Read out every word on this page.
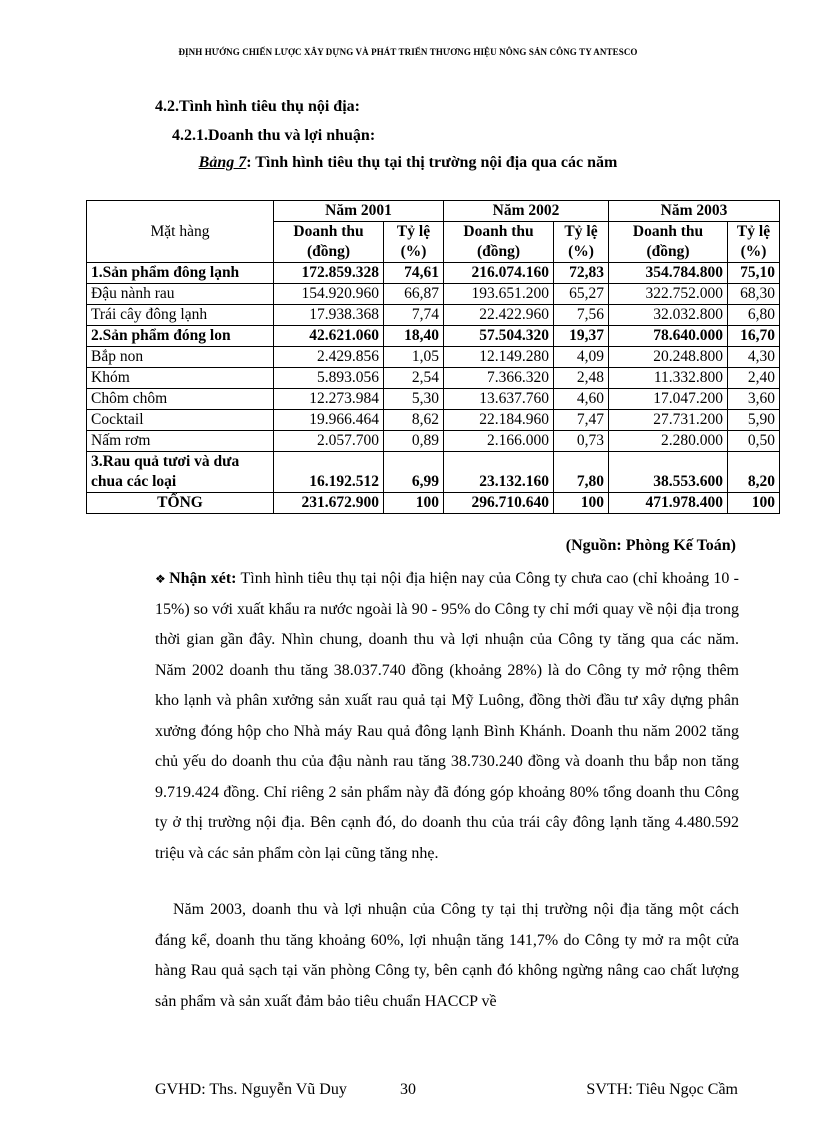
ĐỊNH HƯỚNG CHIẾN LƯỢC XÂY DỰNG VÀ PHÁT TRIỂN THƯƠNG HIỆU NÔNG SẢN CÔNG TY ANTESCO
4.2.Tình hình tiêu thụ nội địa:
4.2.1.Doanh thu và lợi nhuận:
Bảng 7: Tình hình tiêu thụ tại thị trường nội địa qua các năm
Mặt hàng	Năm 2001		Năm 2002		Năm 2003	
	Doanh thu (đồng)	Tỷ lệ (%)	Doanh thu (đồng)	Tỷ lệ (%)	Doanh thu (đồng)	Tỷ lệ (%)
1.Sản phẩm đông lạnh	172.859.328	74,61	216.074.160	72,83	354.784.800	75,10
Đậu nành rau	154.920.960	66,87	193.651.200	65,27	322.752.000	68,30
Trái cây đông lạnh	17.938.368	7,74	22.422.960	7,56	32.032.800	6,80
2.Sản phẩm đóng lon	42.621.060	18,40	57.504.320	19,37	78.640.000	16,70
Bắp non	2.429.856	1,05	12.149.280	4,09	20.248.800	4,30
Khóm	5.893.056	2,54	7.366.320	2,48	11.332.800	2,40
Chôm chôm	12.273.984	5,30	13.637.760	4,60	17.047.200	3,60
Cocktail	19.966.464	8,62	22.184.960	7,47	27.731.200	5,90
Nấm rơm	2.057.700	0,89	2.166.000	0,73	2.280.000	0,50
3.Rau quả tươi và dưa chua các loại	16.192.512	6,99	23.132.160	7,80	38.553.600	8,20
TỔNG	231.672.900	100	296.710.640	100	471.978.400	100
(Nguồn: Phòng Kế Toán)
❖ Nhận xét: Tình hình tiêu thụ tại nội địa hiện nay của Công ty chưa cao (chỉ khoảng 10 - 15%) so với xuất khẩu ra nước ngoài là 90 - 95% do Công ty chỉ mới quay về nội địa trong thời gian gần đây. Nhìn chung, doanh thu và lợi nhuận của Công ty tăng qua các năm. Năm 2002 doanh thu tăng 38.037.740 đồng (khoảng 28%) là do Công ty mở rộng thêm kho lạnh và phân xưởng sản xuất rau quả tại Mỹ Luông, đồng thời đầu tư xây dựng phân xưởng đóng hộp cho Nhà máy Rau quả đông lạnh Bình Khánh. Doanh thu năm 2002 tăng chủ yếu do doanh thu của đậu nành rau tăng 38.730.240 đồng và doanh thu bắp non tăng 9.719.424 đồng. Chỉ riêng 2 sản phẩm này đã đóng góp khoảng 80% tổng doanh thu Công ty ở thị trường nội địa. Bên cạnh đó, do doanh thu của trái cây đông lạnh tăng 4.480.592 triệu và các sản phẩm còn lại cũng tăng nhẹ.
Năm 2003, doanh thu và lợi nhuận của Công ty tại thị trường nội địa tăng một cách đáng kể, doanh thu tăng khoảng 60%, lợi nhuận tăng 141,7% do Công ty mở ra một cửa hàng Rau quả sạch tại văn phòng Công ty, bên cạnh đó không ngừng nâng cao chất lượng sản phẩm và sản xuất đảm bảo tiêu chuẩn HACCP về
GVHD: Ths. Nguyễn Vũ Duy	30	SVTH: Tiêu Ngọc Cầm
